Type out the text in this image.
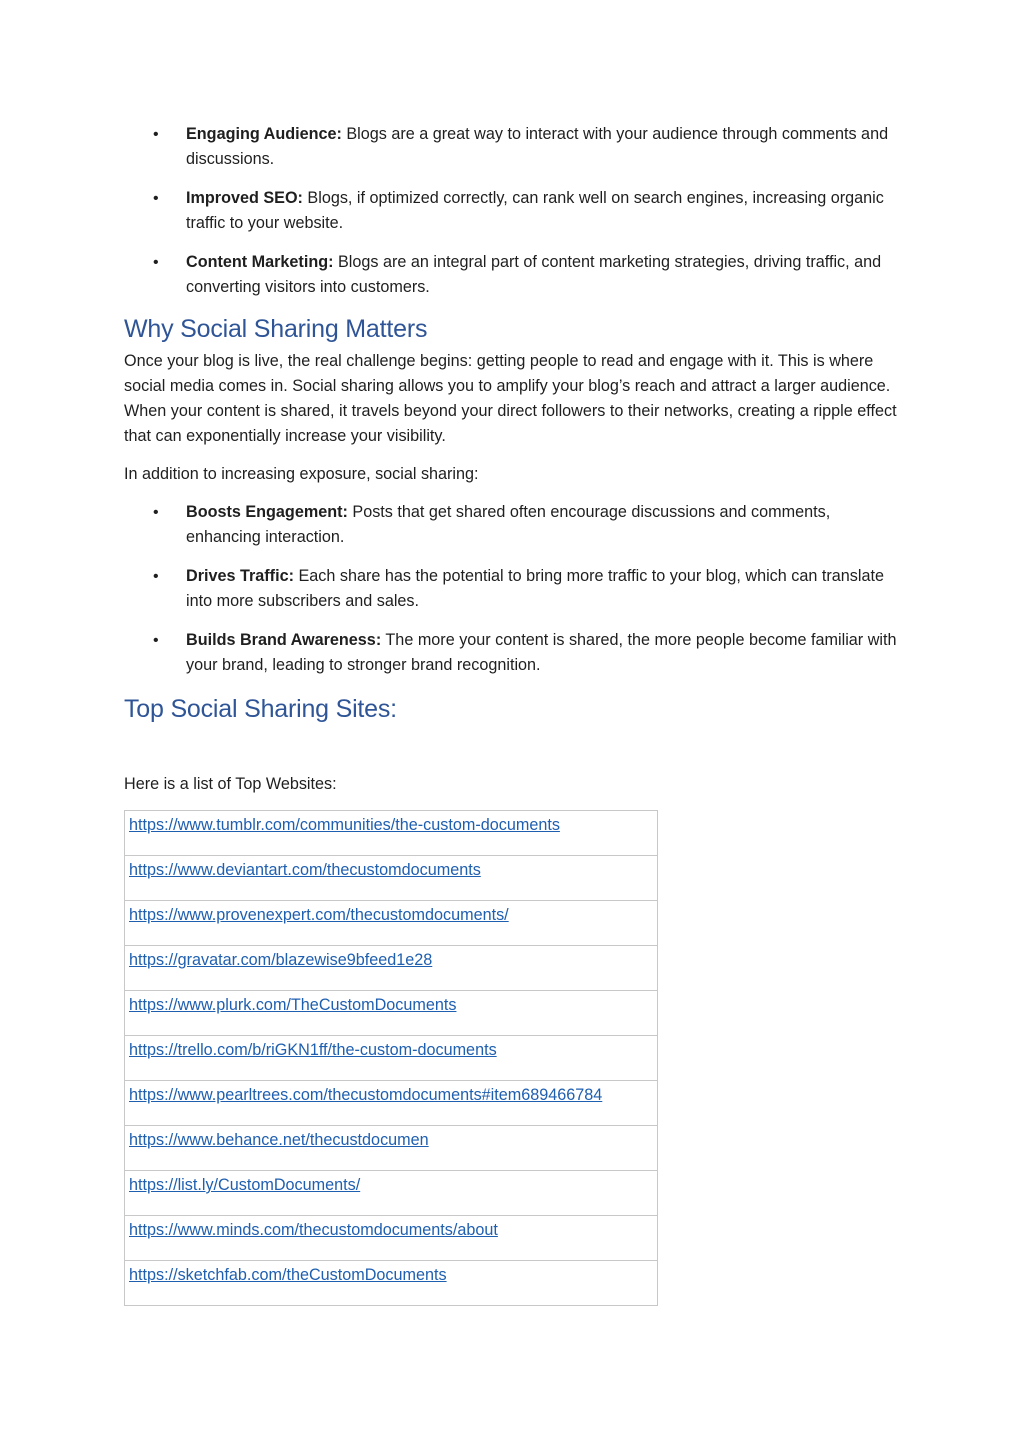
• Engaging Audience: Blogs are a great way to interact with your audience through comments and discussions.
• Improved SEO: Blogs, if optimized correctly, can rank well on search engines, increasing organic traffic to your website.
• Content Marketing: Blogs are an integral part of content marketing strategies, driving traffic, and converting visitors into customers.
Why Social Sharing Matters

Once your blog is live, the real challenge begins: getting people to read and engage with it. This is where social media comes in. Social sharing allows you to amplify your blog’s reach and attract a larger audience. When your content is shared, it travels beyond your direct followers to their networks, creating a ripple effect that can exponentially increase your visibility.

In addition to increasing exposure, social sharing:

• Boosts Engagement: Posts that get shared often encourage discussions and comments, enhancing interaction.
• Drives Traffic: Each share has the potential to bring more traffic to your blog, which can translate into more subscribers and sales.
• Builds Brand Awareness: The more your content is shared, the more people become familiar with your brand, leading to stronger brand recognition.
Top Social Sharing Sites:

Here is a list of Top Websites:

https://www.tumblr.com/communities/the-custom-documents
https://www.deviantart.com/thecustomdocuments
https://www.provenexpert.com/thecustomdocuments/
https://gravatar.com/blazewise9bfeed1e28
https://www.plurk.com/TheCustomDocuments
https://trello.com/b/riGKN1ff/the-custom-documents
https://www.pearltrees.com/thecustomdocuments#item689466784
https://www.behance.net/thecustdocumen
https://list.ly/CustomDocuments/
https://www.minds.com/thecustomdocuments/about
https://sketchfab.com/theCustomDocuments
